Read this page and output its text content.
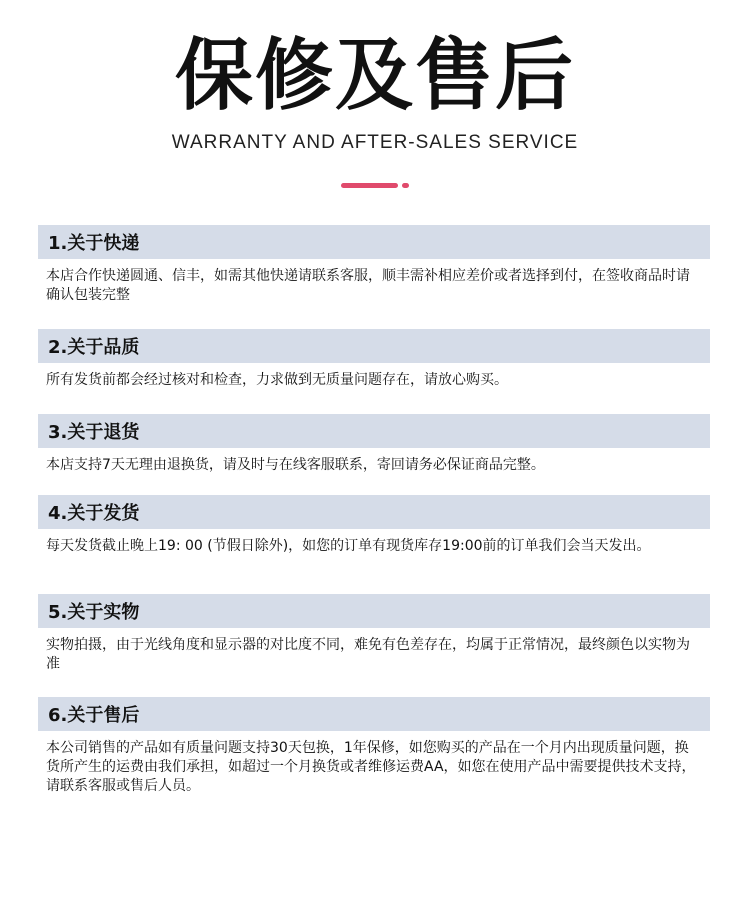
保修及售后
WARRANTY AND AFTER-SALES SERVICE
1.关于快递
本店合作快递圆通、信丰，如需其他快递请联系客服，顺丰需补相应差价或者选择到付，在签收商品时请确认包装完整
2.关于品质
所有发货前都会经过核对和检查，力求做到无质量问题存在，请放心购买。
3.关于退货
本店支持7天无理由退换货，请及时与在线客服联系，寄回请务必保证商品完整。
4.关于发货
每天发货截止晚上19: 00 (节假日除外)，如您的订单有现货库存19:00前的订单我们会当天发出。
5.关于实物
实物拍摄，由于光线角度和显示器的对比度不同，难免有色差存在，均属于正常情况，最终颜色以实物为准
6.关于售后
本公司销售的产品如有质量问题支持30天包换，1年保修，如您购买的产品在一个月内出现质量问题，换货所产生的运费由我们承担，如超过一个月换货或者维修运费AA，如您在使用产品中需要提供技术支持，请联系客服或售后人员。
